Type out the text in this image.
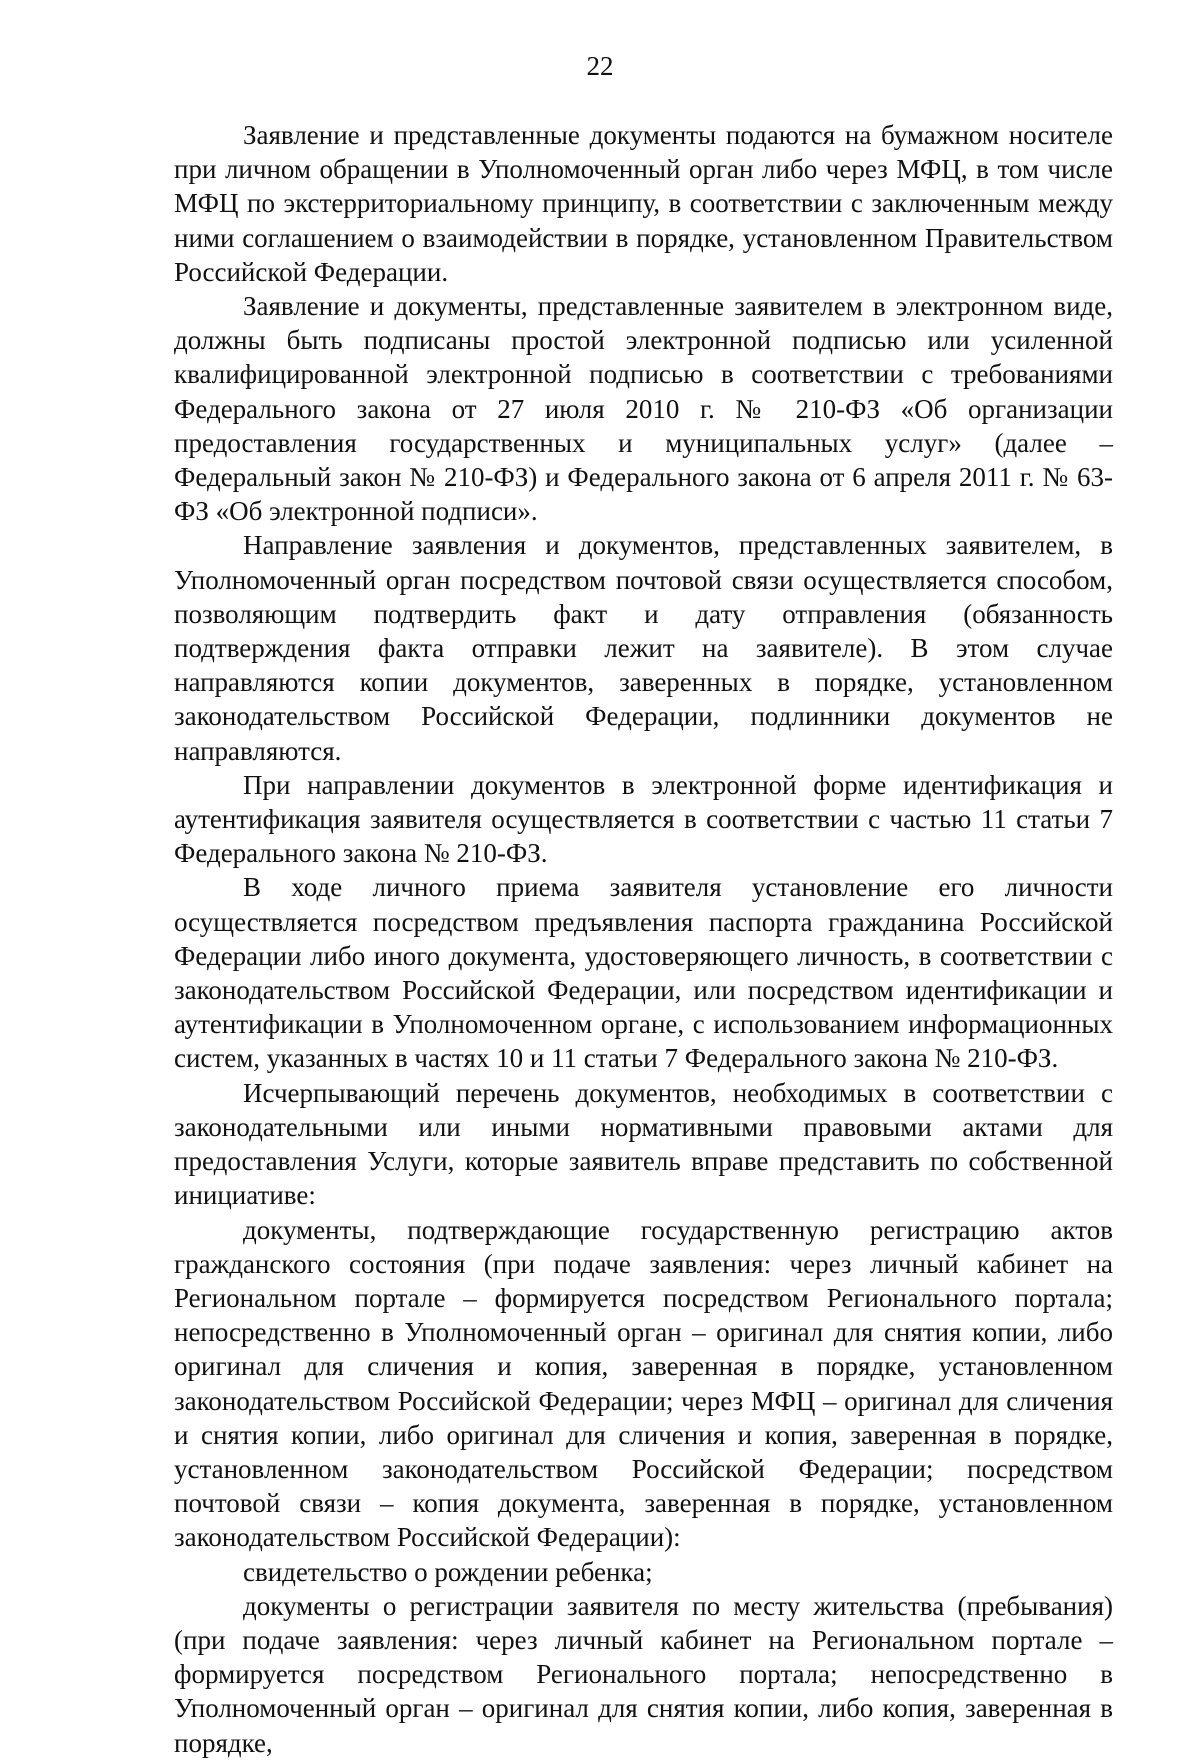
22

Заявление и представленные документы подаются на бумажном носителе при личном обращении в Уполномоченный орган либо через МФЦ, в том числе МФЦ по экстерриториальному принципу, в соответствии с заключенным между ними соглашением о взаимодействии в порядке, установленном Правительством Российской Федерации.

Заявление и документы, представленные заявителем в электронном виде, должны быть подписаны простой электронной подписью или усиленной квалифицированной электронной подписью в соответствии с требованиями Федерального закона от 27 июля 2010 г. № 210-ФЗ «Об организации предоставления государственных и муниципальных услуг» (далее – Федеральный закон № 210-ФЗ) и Федерального закона от 6 апреля 2011 г. № 63-ФЗ «Об электронной подписи».

Направление заявления и документов, представленных заявителем, в Уполномоченный орган посредством почтовой связи осуществляется способом, позволяющим подтвердить факт и дату отправления (обязанность подтверждения факта отправки лежит на заявителе). В этом случае направляются копии документов, заверенных в порядке, установленном законодательством Российской Федерации, подлинники документов не направляются.

При направлении документов в электронной форме идентификация и аутентификация заявителя осуществляется в соответствии с частью 11 статьи 7 Федерального закона № 210-ФЗ.

В ходе личного приема заявителя установление его личности осуществляется посредством предъявления паспорта гражданина Российской Федерации либо иного документа, удостоверяющего личность, в соответствии с законодательством Российской Федерации, или посредством идентификации и аутентификации в Уполномоченном органе, с использованием информационных систем, указанных в частях 10 и 11 статьи 7 Федерального закона № 210-ФЗ.

Исчерпывающий перечень документов, необходимых в соответствии с законодательными или иными нормативными правовыми актами для предоставления Услуги, которые заявитель вправе представить по собственной инициативе:

документы, подтверждающие государственную регистрацию актов гражданского состояния (при подаче заявления: через личный кабинет на Региональном портале – формируется посредством Регионального портала; непосредственно в Уполномоченный орган – оригинал для снятия копии, либо оригинал для сличения и копия, заверенная в порядке, установленном законодательством Российской Федерации; через МФЦ – оригинал для сличения и снятия копии, либо оригинал для сличения и копия, заверенная в порядке, установленном законодательством Российской Федерации; посредством почтовой связи – копия документа, заверенная в порядке, установленном законодательством Российской Федерации):

свидетельство о рождении ребенка;

документы о регистрации заявителя по месту жительства (пребывания) (при подаче заявления: через личный кабинет на Региональном портале – формируется посредством Регионального портала; непосредственно в Уполномоченный орган – оригинал для снятия копии, либо копия, заверенная в порядке,
